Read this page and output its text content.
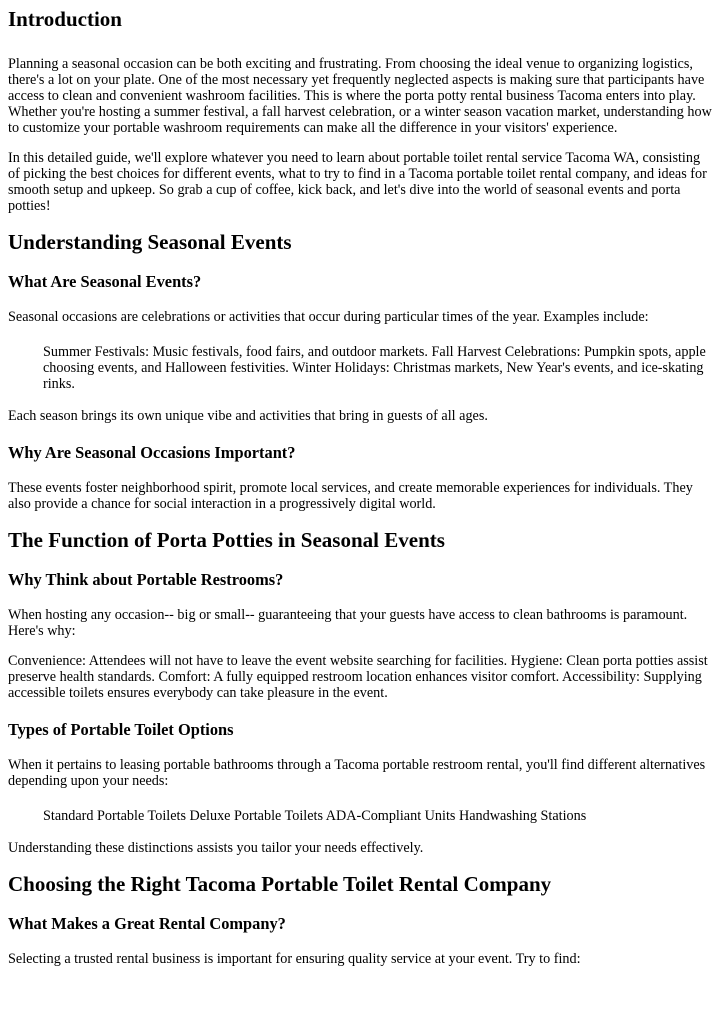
Introduction

Planning a seasonal occasion can be both exciting and frustrating. From choosing the ideal venue to organizing logistics, there's a lot on your plate. One of the most necessary yet frequently neglected aspects is making sure that participants have access to clean and convenient washroom facilities. This is where the porta potty rental business Tacoma enters into play. Whether you're hosting a summer festival, a fall harvest celebration, or a winter season vacation market, understanding how to customize your portable washroom requirements can make all the difference in your visitors' experience.

In this detailed guide, we'll explore whatever you need to learn about portable toilet rental service Tacoma WA, consisting of picking the best choices for different events, what to try to find in a Tacoma portable toilet rental company, and ideas for smooth setup and upkeep. So grab a cup of coffee, kick back, and let's dive into the world of seasonal events and porta potties!

Understanding Seasonal Events
What Are Seasonal Events?

Seasonal occasions are celebrations or activities that occur during particular times of the year. Examples include:

Summer Festivals: Music festivals, food fairs, and outdoor markets. Fall Harvest Celebrations: Pumpkin spots, apple choosing events, and Halloween festivities. Winter Holidays: Christmas markets, New Year's events, and ice-skating rinks.

Each season brings its own unique vibe and activities that bring in guests of all ages.

Why Are Seasonal Occasions Important?

These events foster neighborhood spirit, promote local services, and create memorable experiences for individuals. They also provide a chance for social interaction in a progressively digital world.

The Function of Porta Potties in Seasonal Events
Why Think about Portable Restrooms?

When hosting any occasion-- big or small-- guaranteeing that your guests have access to clean bathrooms is paramount. Here's why:

Convenience: Attendees will not have to leave the event website searching for facilities. Hygiene: Clean porta potties assist preserve health standards. Comfort: A fully equipped restroom location enhances visitor comfort. Accessibility: Supplying accessible toilets ensures everybody can take pleasure in the event.

Types of Portable Toilet Options

When it pertains to leasing portable bathrooms through a Tacoma portable restroom rental, you'll find different alternatives depending upon your needs:

Standard Portable Toilets Deluxe Portable Toilets ADA-Compliant Units Handwashing Stations

Understanding these distinctions assists you tailor your needs effectively.

Choosing the Right Tacoma Portable Toilet Rental Company
What Makes a Great Rental Company?

Selecting a trusted rental business is important for ensuring quality service at your event. Try to find:
